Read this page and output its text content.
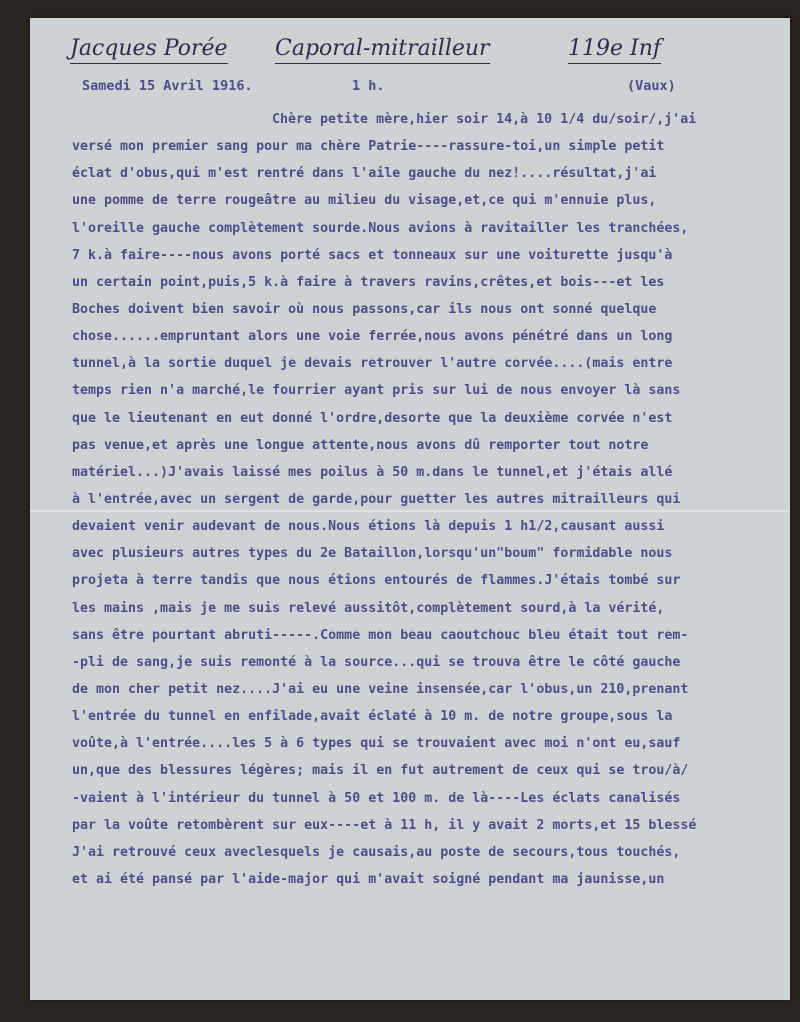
Jacques Porée Caporal-mitrailleur	119e Inf
Samedi 15 Avril 1916.	1 h.	(Vaux)
Chère petite mère,hier soir 14,à 10 1/4 du/soir/,j'ai
versé mon premier sang pour ma chère Patrie----rassure-toi,un simple petit
éclat d'obus,qui m'est rentré dans l'aile gauche du nez!....résultat,j'ai
une pomme de terre rougeâtre au milieu du visage,et,ce qui m'ennuie plus,
l'oreille gauche complètement sourde.Nous avions à ravitailler les tranchées,
7 k.à faire----nous avons porté sacs et tonneaux sur une voiturette jusqu'à
un certain point,puis,5 k.à faire à travers ravins,crêtes,et bois---et les
Boches doivent bien savoir où nous passons,car ils nous ont sonné quelque
chose......empruntant alors une voie ferrée,nous avons pénétré dans un long
tunnel,à la sortie duquel je devais retrouver l'autre corvée....(mais entre
temps rien n'a marché,le fourrier ayant pris sur lui de nous envoyer là sans
que le lieutenant en eut donné l'ordre,desorte que la deuxième corvée n'est
pas venue,et après une longue attente,nous avons dû remporter tout notre
matériel...)J'avais laissé mes poilus à 50 m.dans le tunnel,et j'étais allé
à l'entrée,avec un sergent de garde,pour guetter les autres mitrailleurs qui
devaient venir audevant de nous.Nous étions là depuis 1 h1/2,causant aussi
avec plusieurs autres types du 2e Bataillon,lorsqu'un"boum" formidable nous
projeta à terre tandis que nous étions entourés de flammes.J'étais tombé sur
les mains ,mais je me suis relevé aussitôt,complètement sourd,à la vérité,
sans être pourtant abruti-----.Comme mon beau caoutchouc bleu était tout rem-
-pli de sang,je suis remonté à la source...qui se trouva être le côté gauche
de mon cher petit nez....J'ai eu une veine insensée,car l'obus,un 210,prenant
l'entrée du tunnel en enfilade,avait éclaté à 10 m. de notre groupe,sous la
voûte,à l'entrée....les 5 à 6 types qui se trouvaient avec moi n'ont eu,sauf
un,que des blessures légères; mais il en fut autrement de ceux qui se trou/à/
-vaient à l'intérieur du tunnel à 50 et 100 m. de là----Les éclats canalisés
par la voûte retombèrent sur eux----et à 11 h, il y avait 2 morts,et 15 blessé
J'ai retrouvé ceux aveclesquels je causais,au poste de secours,tous touchés,
et ai été pansé par l'aide-major qui m'avait soigné pendant ma jaunisse,un
